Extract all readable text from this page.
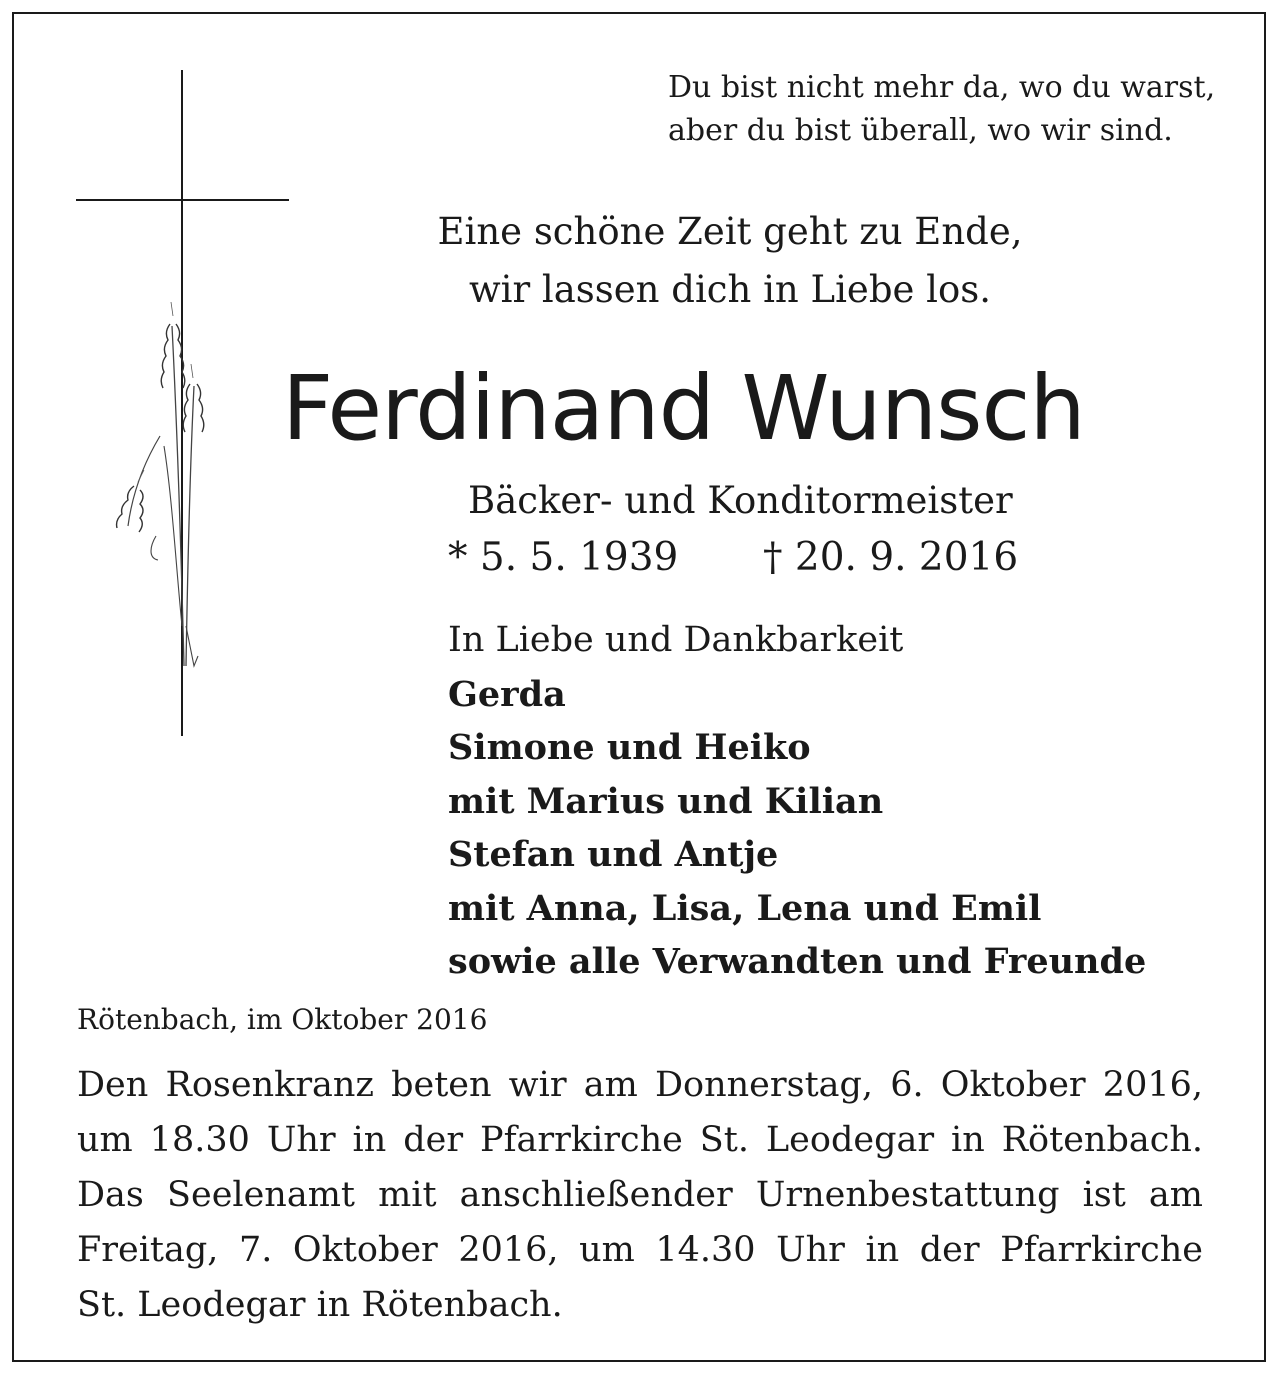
Du bist nicht mehr da, wo du warst,
aber du bist überall, wo wir sind.
Eine schöne Zeit geht zu Ende,
wir lassen dich in Liebe los.
Ferdinand Wunsch
Bäcker- und Konditormeister
* 5. 5. 1939 † 20. 9. 2016
In Liebe und Dankbarkeit
Gerda
Simone und Heiko
mit Marius und Kilian
Stefan und Antje
mit Anna, Lisa, Lena und Emil
sowie alle Verwandten und Freunde
Rötenbach, im Oktober 2016
Den Rosenkranz beten wir am Donnerstag, 6. Oktober 2016,
um 18.30 Uhr in der Pfarrkirche St. Leodegar in Rötenbach.
Das Seelenamt mit anschließender Urnenbestattung ist am
Freitag, 7. Oktober 2016, um 14.30 Uhr in der Pfarrkirche
St. Leodegar in Rötenbach.
